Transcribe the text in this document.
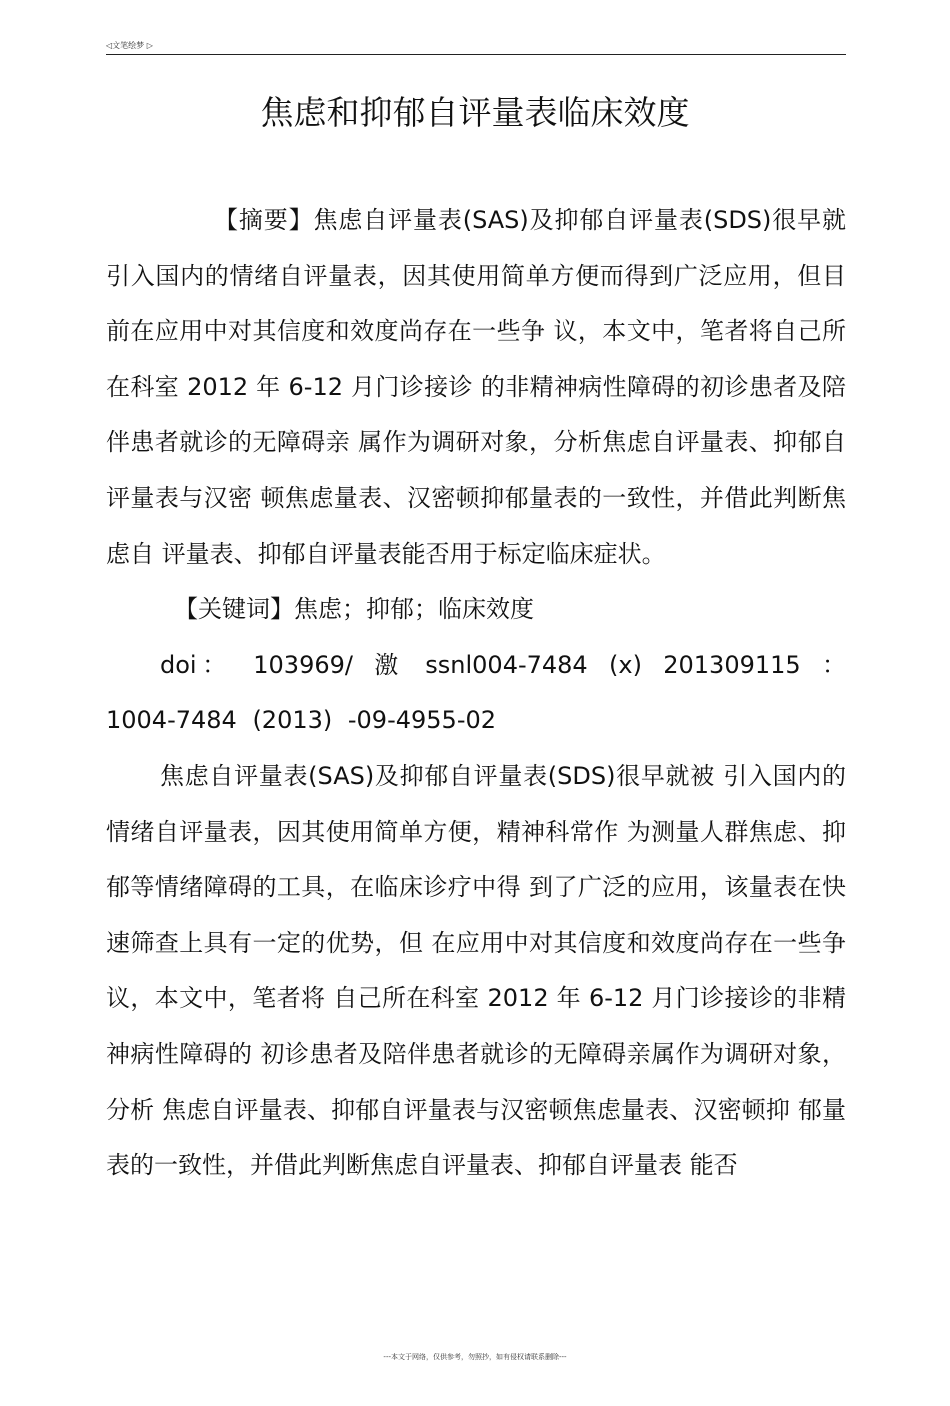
◁文笔绘梦 ▷
焦虑和抑郁自评量表临床效度

【摘要】焦虑自评量表(SAS)及抑郁自评量表(SDS)很早就引入国内的情绪自评量表，因其使用简单方便而得到广泛应用，但目前在应用中对其信度和效度尚存在一些争 议，本文中，笔者将自己所在科室 2012 年 6-12 月门诊接诊 的非精神病性障碍的初诊患者及陪伴患者就诊的无障碍亲 属作为调研对象，分析焦虑自评量表、抑郁自评量表与汉密 顿焦虑量表、汉密顿抑郁量表的一致性，并借此判断焦虑自 评量表、抑郁自评量表能否用于标定临床症状。

【关键词】焦虑；抑郁；临床效度

doi： 103969/ 激 ssnl004-7484 (x) 201309115 ：1004-7484 (2013) -09-4955-02

焦虑自评量表(SAS)及抑郁自评量表(SDS)很早就被 引入国内的情绪自评量表，因其使用简单方便，精神科常作 为测量人群焦虑、抑郁等情绪障碍的工具，在临床诊疗中得 到了广泛的应用，该量表在快速筛查上具有一定的优势，但 在应用中对其信度和效度尚存在一些争议，本文中，笔者将 自己所在科室 2012 年 6-12 月门诊接诊的非精神病性障碍的 初诊患者及陪伴患者就诊的无障碍亲属作为调研对象，分析 焦虑自评量表、抑郁自评量表与汉密顿焦虑量表、汉密顿抑 郁量表的一致性，并借此判断焦虑自评量表、抑郁自评量表 能否

---本文于网络，仅供参考，勿照抄，如有侵权请联系删除---
